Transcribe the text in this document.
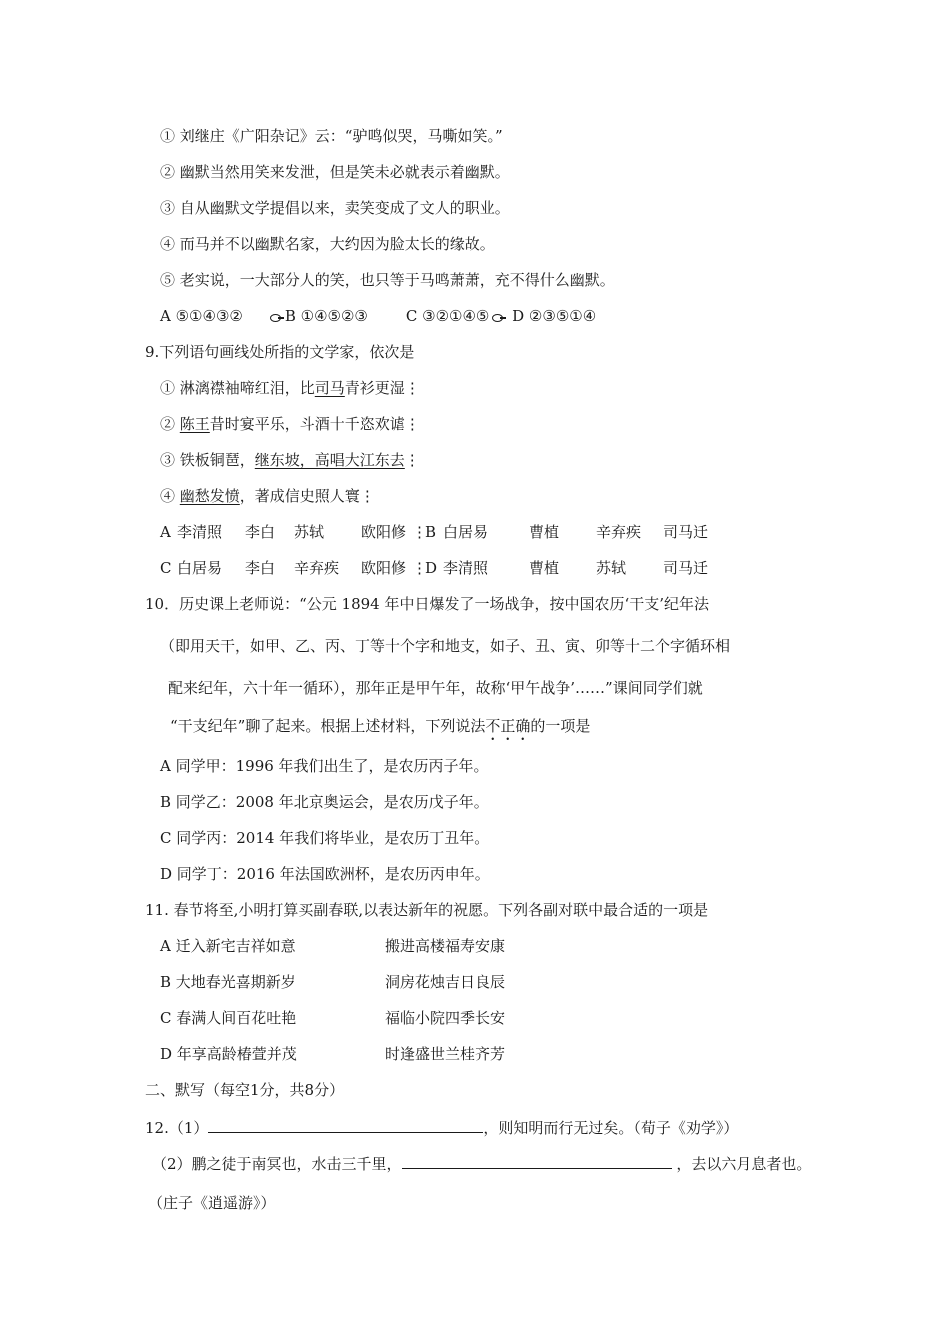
① 刘继庄《广阳杂记》云：“驴鸣似哭，马嘶如笑。”
② 幽默当然用笑来发泄，但是笑未必就表示着幽默。
③ 自从幽默文学提倡以来，卖笑变成了文人的职业。
④ 而马并不以幽默名家，大约因为脸太长的缘故。
⑤ 老实说，一大部分人的笑，也只等于马鸣萧萧，充不得什么幽默。
A ⑤①④③②	B ①④⑤②③	C ③②①④⑤ D ②③⑤①④
9.下列语句画线处所指的文学家，依次是
① 淋漓襟袖啼红泪，比司马青衫更湿⋮
② 陈王昔时宴平乐，斗酒十千恣欢谑⋮
③ 铁板铜琶，继东坡，高唱大江东去⋮
④ 幽愁发愤，著成信史照人寰⋮
A 李清照 李白 苏轼 欧阳修 ⋮
B 白居易	曹植 辛弃疾 司马迁
C 白居易 李白 辛弃疾 欧阳修 ⋮
D 李清照	曹植 苏轼 司马迁
10．历史课上老师说：“公元 1894 年中日爆发了一场战争，按中国农历‘干支’纪年法
（即用天干，如甲、乙、丙、丁等十个字和地支，如子、丑、寅、卯等十二个字循环相
配来纪年，六十年一循环），那年正是甲午年，故称‘甲午战争’……”课间同学们就
“干支纪年”聊了起来。根据上述材料，下列说法不正确的一项是
A 同学甲：1996 年我们出生了，是农历丙子年。
B 同学乙：2008 年北京奥运会，是农历戊子年。
C 同学丙：2014 年我们将毕业，是农历丁丑年。
D 同学丁：2016 年法国欧洲杯，是农历丙申年。
11. 春节将至,小明打算买副春联,以表达新年的祝愿。下列各副对联中最合适的一项是
A 迁入新宅吉祥如意	搬进高楼福寿安康
B 大地春光喜期新岁	洞房花烛吉日良辰
C 春满人间百花吐艳	福临小院四季长安
D 年享高龄椿萱并茂	时逢盛世兰桂齐芳
二、默写（每空1分，共8分）
12.（1）	，则知明而行无过矣。（荀子《劝学》）
（2）鹏之徒于南冥也，水击三千里，	，去以六月息者也。
（庄子《逍遥游》）
